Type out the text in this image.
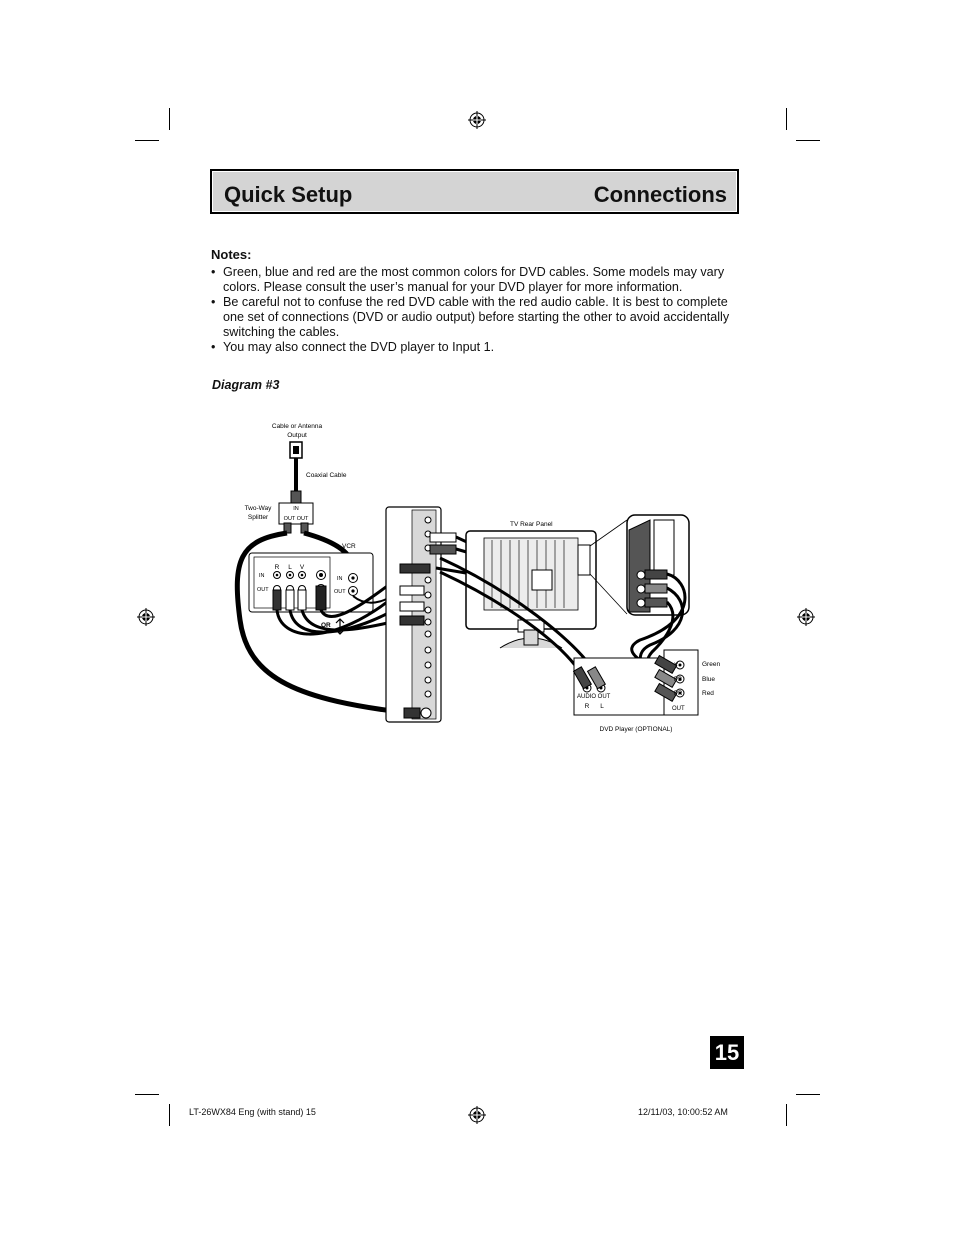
Quick Setup	Connections
Notes:

• Green, blue and red are the most common colors for DVD cables. Some models may vary colors. Please consult the user’s manual for your DVD player for more information.

• Be careful not to confuse the red DVD cable with the red audio cable. It is best to complete one set of connections (DVD or audio output) before starting the other to avoid accidentally switching the cables.

• You may also connect the DVD player to Input 1.

Diagram #3
Cable or Antenna
Output
Coaxial Cable
Two-Way
Splitter
IN
OUT OUT
VCR
R L V
IN
OUT
IN
OUT
OR
TV Rear Panel
AUDIO OUT
R L
Y
PB
PR
OUT
Green
Blue
Red
DVD Player (OPTIONAL)
15
LT-26WX84 Eng (with stand) 15	12/11/03, 10:00:52 AM
